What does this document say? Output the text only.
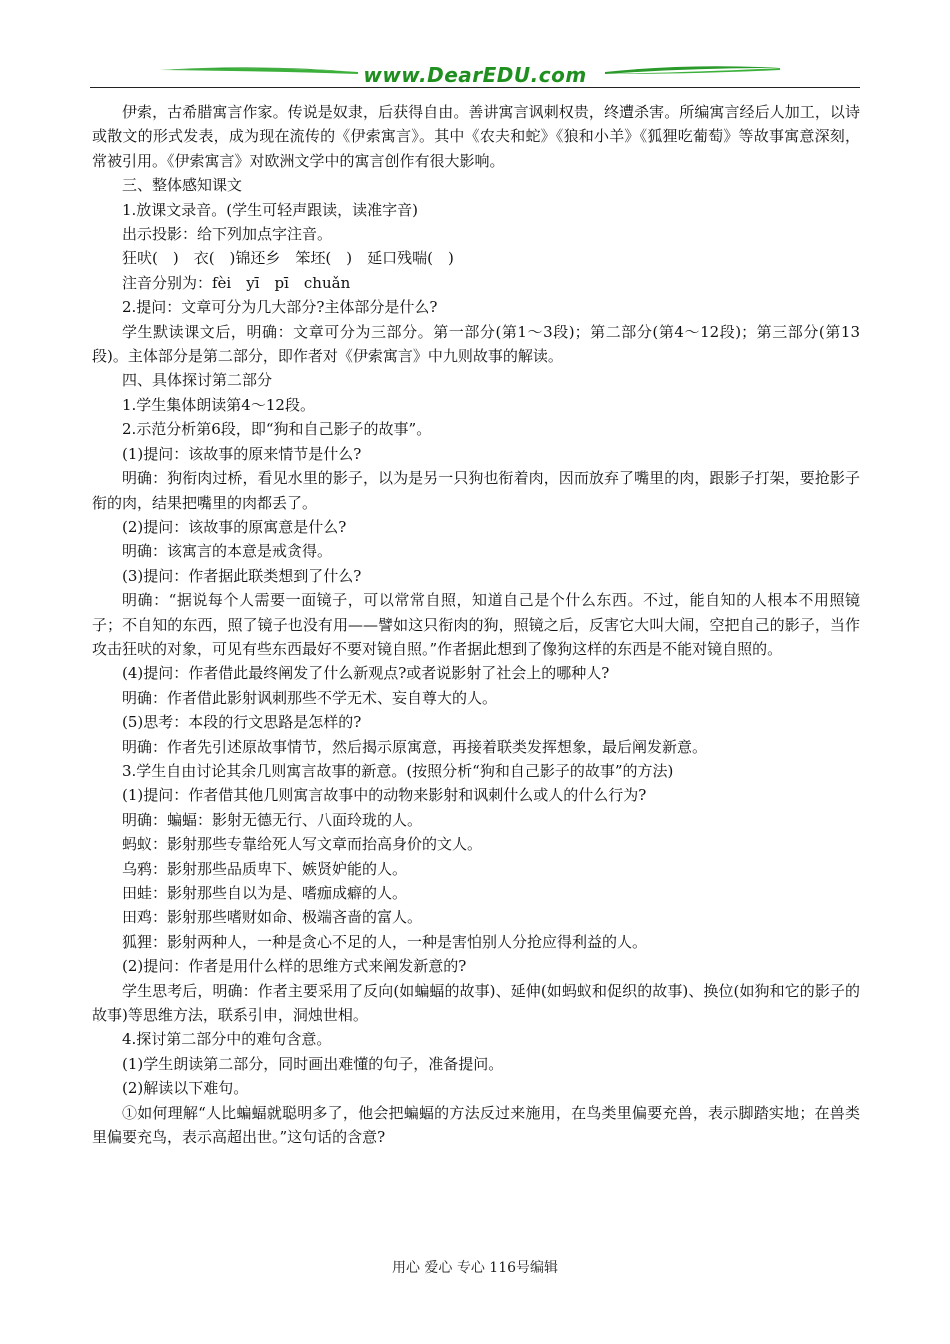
www.DearEDU.com

伊索，古希腊寓言作家。传说是奴隶，后获得自由。善讲寓言讽刺权贵，终遭杀害。所编寓言经后人加工，以诗或散文的形式发表，成为现在流传的《伊索寓言》。其中《农夫和蛇》《狼和小羊》《狐狸吃葡萄》等故事寓意深刻，常被引用。《伊索寓言》对欧洲文学中的寓言创作有很大影响。

三、整体感知课文

1.放课文录音。(学生可轻声跟读，读准字音)

出示投影：给下列加点字注音。

狂吠(　)　衣(　)锦还乡　笨坯(　)　延口残喘(　)

注音分别为：fèi　yī　pī　chuǎn

2.提问：文章可分为几大部分?主体部分是什么?

学生默读课文后，明确：文章可分为三部分。第一部分(第1～3段)；第二部分(第4～12段)；第三部分(第13段)。主体部分是第二部分，即作者对《伊索寓言》中九则故事的解读。

四、具体探讨第二部分

1.学生集体朗读第4～12段。

2.示范分析第6段，即“狗和自己影子的故事”。

(1)提问：该故事的原来情节是什么?

明确：狗衔肉过桥，看见水里的影子，以为是另一只狗也衔着肉，因而放弃了嘴里的肉，跟影子打架，要抢影子衔的肉，结果把嘴里的肉都丢了。

(2)提问：该故事的原寓意是什么?

明确：该寓言的本意是戒贪得。

(3)提问：作者据此联类想到了什么?

明确：“据说每个人需要一面镜子，可以常常自照，知道自己是个什么东西。不过，能自知的人根本不用照镜子；不自知的东西，照了镜子也没有用——譬如这只衔肉的狗，照镜之后，反害它大叫大闹，空把自己的影子，当作攻击狂吠的对象，可见有些东西最好不要对镜自照。”作者据此想到了像狗这样的东西是不能对镜自照的。

(4)提问：作者借此最终阐发了什么新观点?或者说影射了社会上的哪种人?

明确：作者借此影射讽刺那些不学无术、妄自尊大的人。

(5)思考：本段的行文思路是怎样的?

明确：作者先引述原故事情节，然后揭示原寓意，再接着联类发挥想象，最后阐发新意。

3.学生自由讨论其余几则寓言故事的新意。(按照分析“狗和自己影子的故事”的方法)

(1)提问：作者借其他几则寓言故事中的动物来影射和讽刺什么或人的什么行为?

明确：蝙蝠：影射无德无行、八面玲珑的人。

蚂蚁：影射那些专靠给死人写文章而抬高身价的文人。

乌鸦：影射那些品质卑下、嫉贤妒能的人。

田蛙：影射那些自以为是、嗜痂成癖的人。

田鸡：影射那些嗜财如命、极端吝啬的富人。

狐狸：影射两种人，一种是贪心不足的人，一种是害怕别人分抢应得利益的人。

(2)提问：作者是用什么样的思维方式来阐发新意的?

学生思考后，明确：作者主要采用了反向(如蝙蝠的故事)、延伸(如蚂蚁和促织的故事)、换位(如狗和它的影子的故事)等思维方法，联系引申，洞烛世相。

4.探讨第二部分中的难句含意。

(1)学生朗读第二部分，同时画出难懂的句子，准备提问。

(2)解读以下难句。

①如何理解“人比蝙蝠就聪明多了，他会把蝙蝠的方法反过来施用，在鸟类里偏要充兽，表示脚踏实地；在兽类里偏要充鸟，表示高超出世。”这句话的含意?

用心 爱心 专心 116号编辑
